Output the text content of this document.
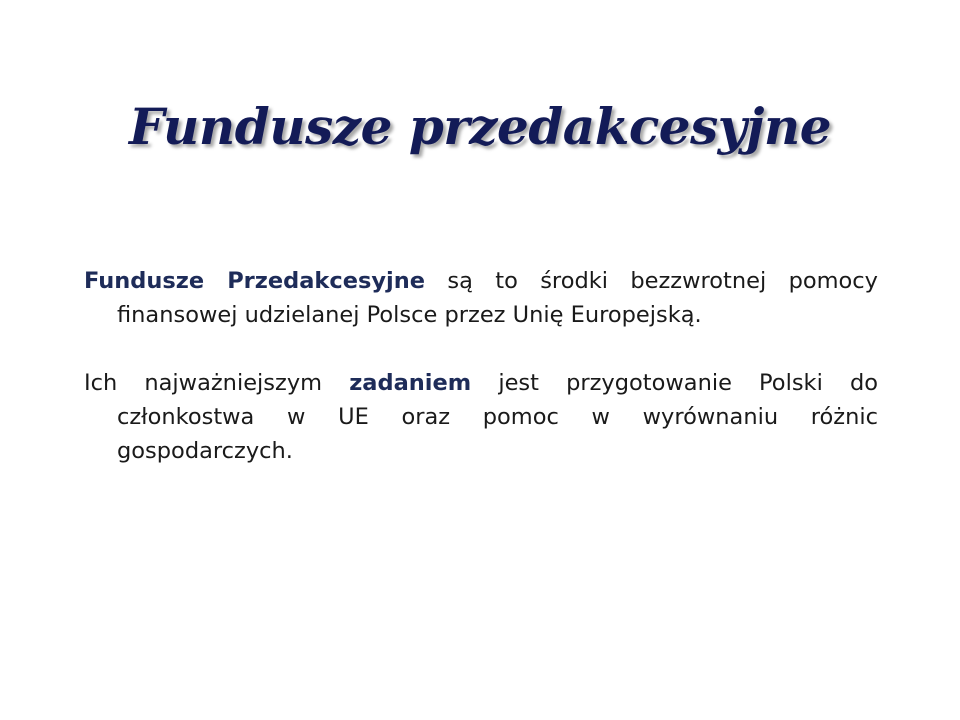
Fundusze przedakcesyjne

Fundusze Przedakcesyjne są to środki bezzwrotnej pomocy finansowej udzielanej Polsce przez Unię Europejską.

Ich najważniejszym zadaniem jest przygotowanie Polski do członkostwa w UE oraz pomoc w wyrównaniu różnic gospodarczych.
